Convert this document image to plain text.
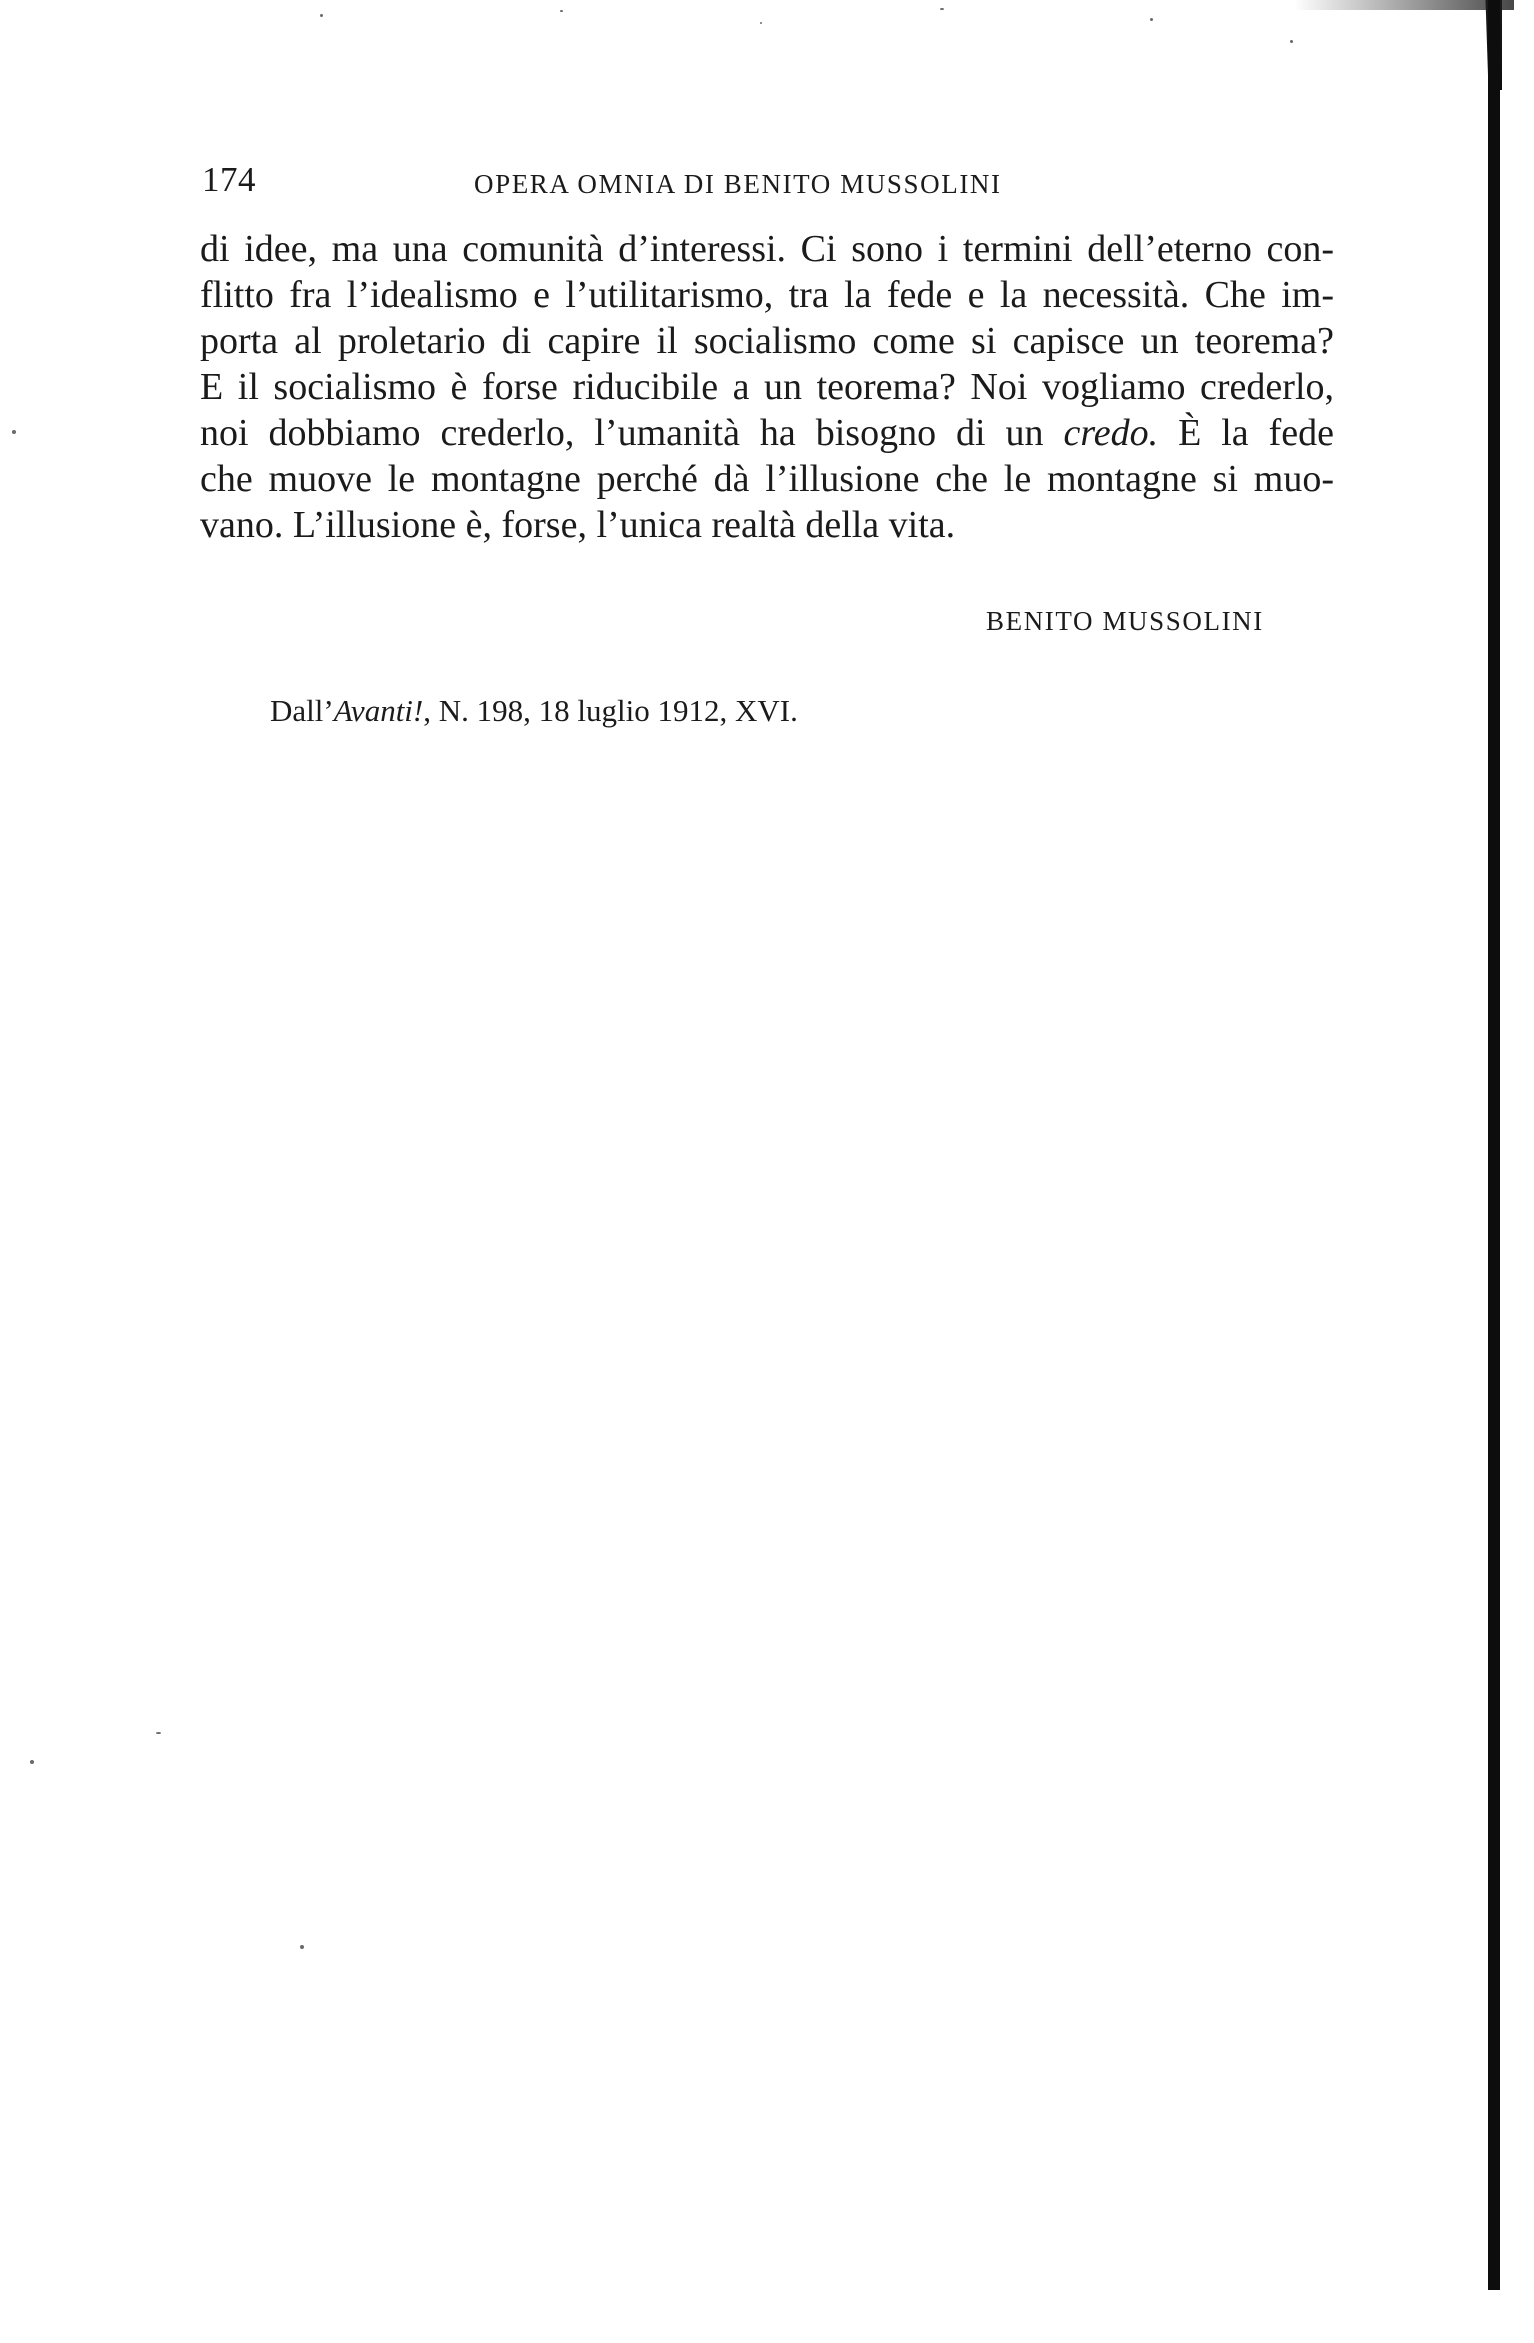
174	OPERA OMNIA DI BENITO MUSSOLINI
di idee, ma una comunità d’interessi. Ci sono i termini dell’eterno con-
flitto fra l’idealismo e l’utilitarismo, tra la fede e la necessità. Che im-
porta al proletario di capire il socialismo come si capisce un teorema?
E il socialismo è forse riducibile a un teorema? Noi vogliamo crederlo,
noi dobbiamo crederlo, l’umanità ha bisogno di un credo. È la fede
che muove le montagne perché dà l’illusione che le montagne si muo-
vano. L’illusione è, forse, l’unica realtà della vita.
BENITO MUSSOLINI
Dall’Avanti!, N. 198, 18 luglio 1912, XVI.
